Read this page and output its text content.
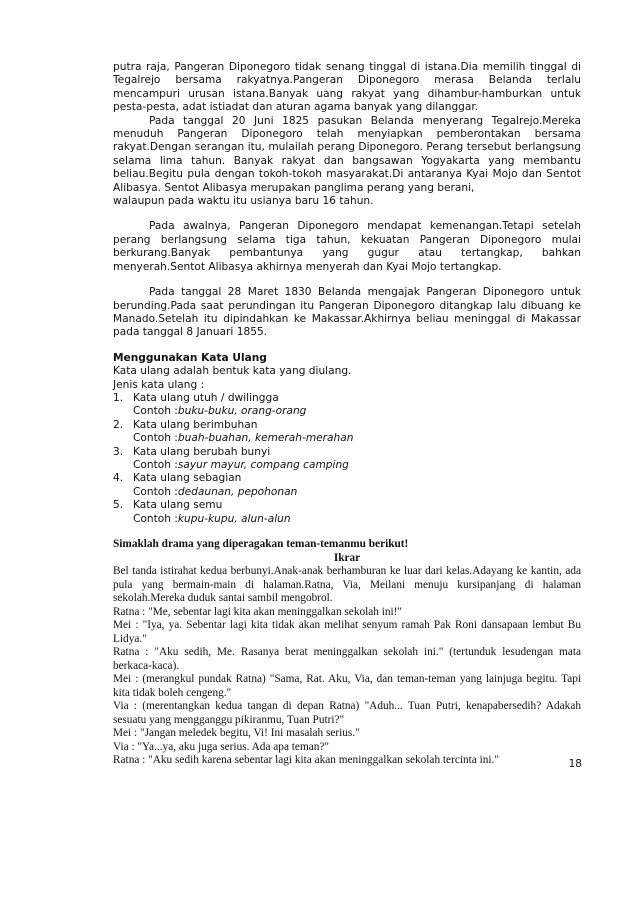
putra raja, Pangeran Diponegoro tidak senang tinggal di istana.Dia memilih tinggal di Tegalrejo bersama rakyatnya.Pangeran Diponegoro merasa Belanda terlalu mencampuri urusan istana.Banyak uang rakyat yang dihambur-hamburkan untuk pesta-pesta, adat istiadat dan aturan agama banyak yang dilanggar.

Pada tanggal 20 Juni 1825 pasukan Belanda menyerang Tegalrejo.Mereka menuduh Pangeran Diponegoro telah menyiapkan pemberontakan bersama rakyat.Dengan serangan itu, mulailah perang Diponegoro. Perang tersebut berlangsung selama lima tahun. Banyak rakyat dan bangsawan Yogyakarta yang membantu beliau.Begitu pula dengan tokoh-tokoh masyarakat.Di antaranya Kyai Mojo dan Sentot Alibasya. Sentot Alibasya merupakan panglima perang yang berani,

walaupun pada waktu itu usianya baru 16 tahun.

Pada awalnya, Pangeran Diponegoro mendapat kemenangan.Tetapi setelah perang berlangsung selama tiga tahun, kekuatan Pangeran Diponegoro mulai berkurang.Banyak pembantunya yang gugur atau tertangkap, bahkan menyerah.Sentot Alibasya akhirnya menyerah dan Kyai Mojo tertangkap.

Pada tanggal 28 Maret 1830 Belanda mengajak Pangeran Diponegoro untuk berunding.Pada saat perundingan itu Pangeran Diponegoro ditangkap lalu dibuang ke Manado.Setelah itu dipindahkan ke Makassar.Akhirnya beliau meninggal di Makassar pada tanggal 8 Januari 1855.

Menggunakan Kata Ulang

Kata ulang adalah bentuk kata yang diulang.

Jenis kata ulang :

1. Kata ulang utuh / dwilingga
Contoh :buku-buku, orang-orang
2. Kata ulang berimbuhan
Contoh :buah-buahan, kemerah-merahan
3. Kata ulang berubah bunyi
Contoh :sayur mayur, compang camping
4. Kata ulang sebagian
Contoh :dedaunan, pepohonan
5. Kata ulang semu
Contoh :kupu-kupu, alun-alun

Simaklah drama yang diperagakan teman-temanmu berikut!

Ikrar

Bel tanda istirahat kedua berbunyi.Anak-anak berhamburan ke luar dari kelas.Adayang ke kantin, ada pula yang bermain-main di halaman.Ratna, Via, Meilani menuju kursipanjang di halaman sekolah.Mereka duduk santai sambil mengobrol.

Ratna : "Me, sebentar lagi kita akan meninggalkan sekolah ini!"

Mei : "Iya, ya. Sebentar lagi kita tidak akan melihat senyum ramah Pak Roni dansapaan lembut Bu Lidya."

Ratna : "Aku sedih, Me. Rasanya berat meninggalkan sekolah ini." (tertunduk lesudengan mata berkaca-kaca).

Mei : (merangkul pundak Ratna) "Sama, Rat. Aku, Via, dan teman-teman yang lainjuga begitu. Tapi kita tidak boleh cengeng."

Via : (merentangkan kedua tangan di depan Ratna) "Aduh... Tuan Putri, kenapabersedih? Adakah sesuatu yang mengganggu pikiranmu, Tuan Putri?"

Mei : "Jangan meledek begitu, Vi! Ini masalah serius."

Via : "Ya...ya, aku juga serius. Ada apa teman?"

Ratna : "Aku sedih karena sebentar lagi kita akan meninggalkan sekolah tercinta ini."	18
